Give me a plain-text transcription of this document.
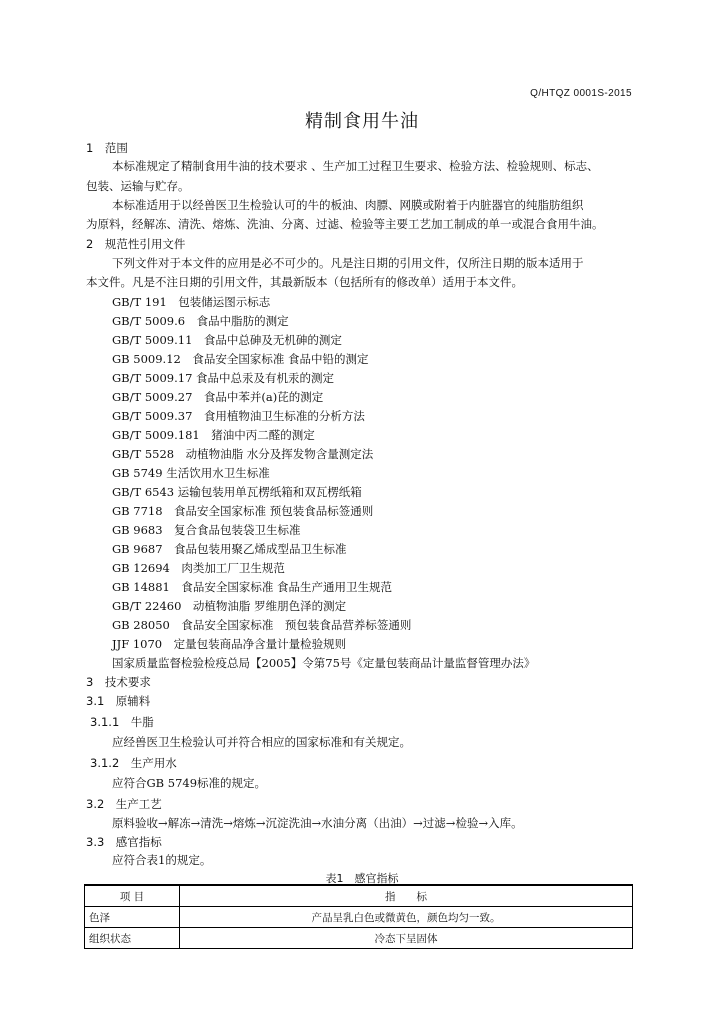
Q/HTQZ 0001S-2015
精制食用牛油
1　范围
本标准规定了精制食用牛油的技术要求 、生产加工过程卫生要求、检验方法、检验规则、标志、
包装、运输与贮存。
本标准适用于以经兽医卫生检验认可的牛的板油、肉膘、网膜或附着于内脏器官的纯脂肪组织
为原料，经解冻、清洗、熔炼、洗油、分离、过滤、检验等主要工艺加工制成的单一或混合食用牛油。
2　规范性引用文件
下列文件对于本文件的应用是必不可少的。凡是注日期的引用文件，仅所注日期的版本适用于
本文件。凡是不注日期的引用文件，其最新版本（包括所有的修改单）适用于本文件。
GB/T 191　包装储运图示标志
GB/T 5009.6　食品中脂肪的测定
GB/T 5009.11　食品中总砷及无机砷的测定
GB 5009.12　食品安全国家标准 食品中铅的测定
GB/T 5009.17 食品中总汞及有机汞的测定
GB/T 5009.27　食品中苯并(a)芘的测定
GB/T 5009.37　食用植物油卫生标准的分析方法
GB/T 5009.181　猪油中丙二醛的测定
GB/T 5528　动植物油脂 水分及挥发物含量测定法
GB 5749 生活饮用水卫生标准
GB/T 6543 运输包装用单瓦楞纸箱和双瓦楞纸箱
GB 7718　食品安全国家标准 预包装食品标签通则
GB 9683　复合食品包装袋卫生标准
GB 9687　食品包装用聚乙烯成型品卫生标准
GB 12694　肉类加工厂卫生规范
GB 14881　食品安全国家标准 食品生产通用卫生规范
GB/T 22460　动植物油脂 罗维朋色泽的测定
GB 28050　食品安全国家标准　预包装食品营养标签通则
JJF 1070　定量包装商品净含量计量检验规则
国家质量监督检验检疫总局【2005】令第75号《定量包装商品计量监督管理办法》
3　技术要求
3.1　原辅料
3.1.1　牛脂
应经兽医卫生检验认可并符合相应的国家标准和有关规定。
3.1.2　生产用水
应符合GB 5749标准的规定。
3.2　生产工艺
原料验收→解冻→清洗→熔炼→沉淀洗油→水油分离（出油）→过滤→检验→入库。
3.3　感官指标
应符合表1的规定。
表1　感官指标
项 目	指　　标
色泽	产品呈乳白色或微黄色，颜色均匀一致。
组织状态	冷态下呈固体
